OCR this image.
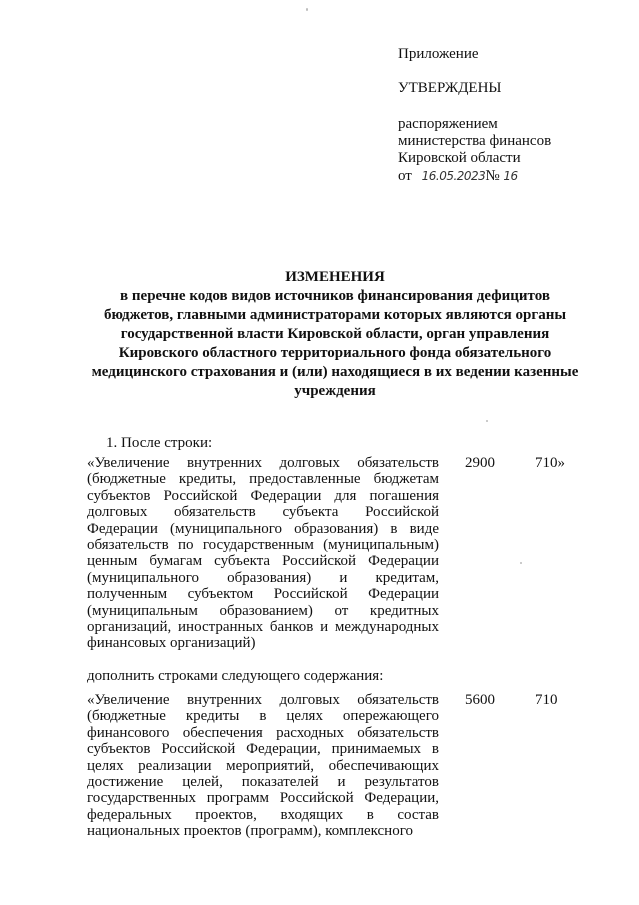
Приложение
УТВЕРЖДЕНЫ
распоряжением
министерства финансов
Кировской области
от 16.05.2023№ 16
ИЗМЕНЕНИЯ
в перечне кодов видов источников финансирования дефицитов
бюджетов, главными администраторами которых являются органы
государственной власти Кировской области, орган управления
Кировского областного территориального фонда обязательного
медицинского страхования и (или) находящиеся в их ведении казенные
учреждения
1. После строки:
«Увеличение внутренних долговых обязательств
(бюджетные кредиты, предоставленные бюджетам
субъектов Российской Федерации для погашения
долговых обязательств субъекта Российской
Федерации (муниципального образования) в виде
обязательств по государственным (муниципальным)
ценным бумагам субъекта Российской Федерации
(муниципального образования) и кредитам,
полученным субъектом Российской Федерации
(муниципальным образованием) от кредитных
организаций, иностранных банков и международных
финансовых организаций)
2900	710»
дополнить строками следующего содержания:
«Увеличение внутренних долговых обязательств
(бюджетные кредиты в целях опережающего
финансового обеспечения расходных обязательств
субъектов Российской Федерации, принимаемых в
целях реализации мероприятий, обеспечивающих
достижение целей, показателей и результатов
государственных программ Российской Федерации,
федеральных проектов, входящих в состав
национальных проектов (программ), комплексного
5600	710
